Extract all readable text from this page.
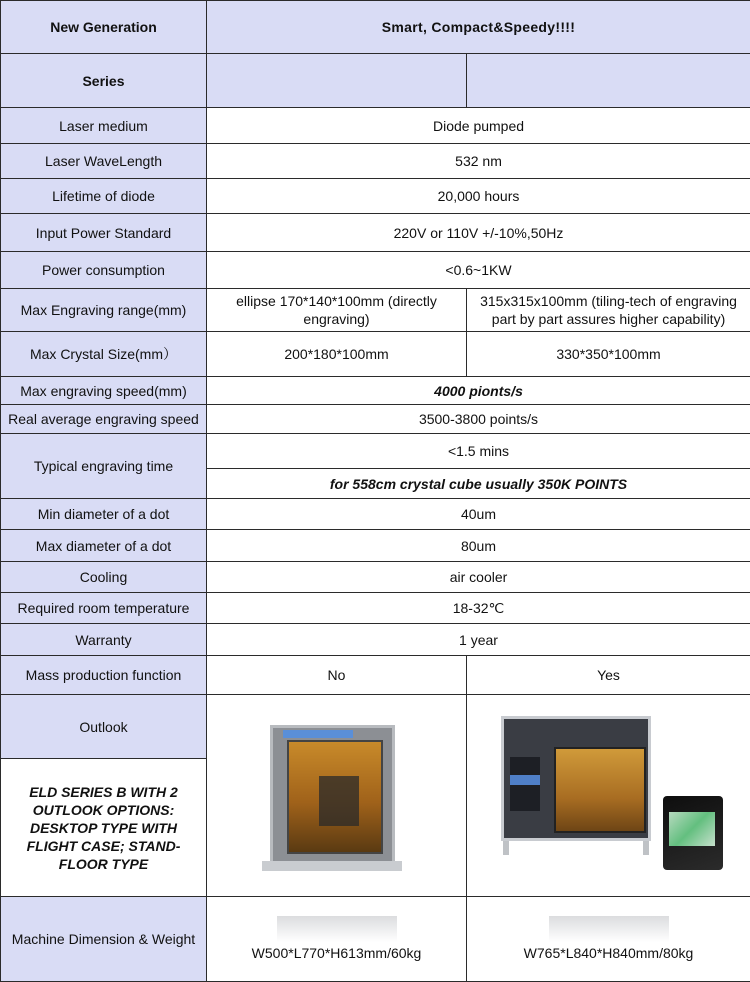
New Generation	Smart, Compact&Speedy!!!!	
Series		
Laser medium	Diode pumped	
Laser WaveLength	532 nm	
Lifetime of diode	20,000 hours	
Input Power Standard	220V or 110V +/-10%,50Hz	
Power consumption	<0.6~1KW	
Max Engraving range(mm)	ellipse 170*140*100mm (directly engraving)	315x315x100mm (tiling-tech of engraving part by part assures higher capability)
Max Crystal Size(mm）	200*180*100mm	330*350*100mm
Max engraving speed(mm)	4000 pionts/s	
Real average engraving speed	3500-3800 points/s	
Typical engraving time	<1.5 mins	
	for 558cm crystal cube usually 350K POINTS	
Min diameter of a dot	40um	
Max diameter of a dot	80um	
Cooling	air cooler	
Required room temperature	18-32℃	
Warranty	1 year	
Mass production function	No	Yes
Outlook	

ELD SERIES B WITH 2 OUTLOOK OPTIONS: DESKTOP TYPE WITH FLIGHT CASE; STAND-FLOOR TYPE		
Machine Dimension & Weight	W500*L770*H613mm/60kg	W765*L840*H840mm/80kg
